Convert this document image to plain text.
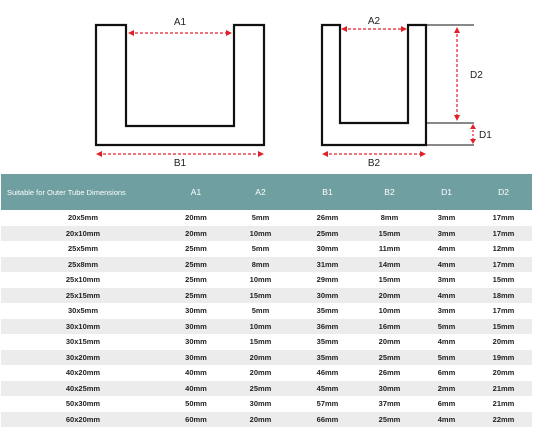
A1
B1
A2
B2
D2
D1
Suitable for Outer Tube Dimensions	A1	A2	B1	B2	D1	D2
20x5mm	20mm	5mm	26mm	8mm	3mm	17mm
20x10mm	20mm	10mm	25mm	15mm	3mm	17mm
25x5mm	25mm	5mm	30mm	11mm	4mm	12mm
25x8mm	25mm	8mm	31mm	14mm	4mm	17mm
25x10mm	25mm	10mm	29mm	15mm	3mm	15mm
25x15mm	25mm	15mm	30mm	20mm	4mm	18mm
30x5mm	30mm	5mm	35mm	10mm	3mm	17mm
30x10mm	30mm	10mm	36mm	16mm	5mm	15mm
30x15mm	30mm	15mm	35mm	20mm	4mm	20mm
30x20mm	30mm	20mm	35mm	25mm	5mm	19mm
40x20mm	40mm	20mm	46mm	26mm	6mm	20mm
40x25mm	40mm	25mm	45mm	30mm	2mm	21mm
50x30mm	50mm	30mm	57mm	37mm	6mm	21mm
60x20mm	60mm	20mm	66mm	25mm	4mm	22mm
